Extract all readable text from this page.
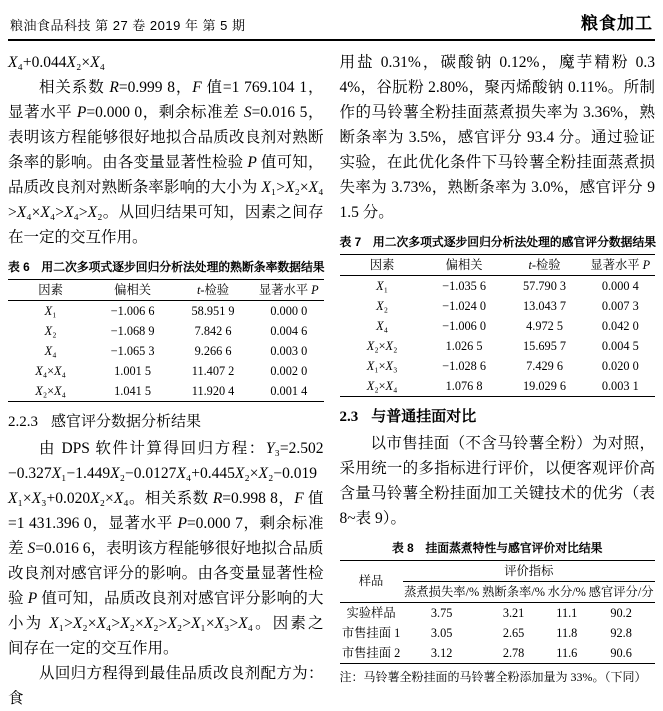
粮油食品科技 第 27 卷 2019 年 第 5 期	粮食加工

X₄+0.044X₂×X₄

相关系数 R=0.999 8，F 值=1 769.104 1，显著水平 P=0.000 0，剩余标准差 S=0.016 5，表明该方程能够很好地拟合品质改良剂对熟断条率的影响。由各变量显著性检验 P 值可知，品质改良剂对熟断条率影响的大小为 X₁>X₂×X₄>X₄×X₄>X₄>X₂。从回归结果可知，因素之间存在一定的交互作用。

表 6　用二次多项式逐步回归分析法处理的熟断条率数据结果
因素	偏相关	t-检验	显著水平 P
X₁	−1.006 6	58.951 9	0.000 0
X₂	−1.068 9	7.842 6	0.004 6
X₄	−1.065 3	9.266 6	0.003 0
X₄×X₄	1.001 5	11.407 2	0.002 0
X₂×X₄	1.041 5	11.920 4	0.001 4
2.2.3 感官评分数据分析结果

由 DPS 软件计算得回归方程：Y₃=2.502−0.327X₁−1.449X₂−0.0127X₄+0.445X₂×X₂−0.019X₁×X₃+0.020X₂×X₄。相关系数 R=0.998 8，F 值=1 431.396 0，显著水平 P=0.000 7，剩余标准差 S=0.016 6，表明该方程能够很好地拟合品质改良剂对感官评分的影响。由各变量显著性检验 P 值可知，品质改良剂对感官评分影响的大小为 X₁>X₂×X₄>X₂×X₂>X₂>X₁×X₃>X₄。因素之间存在一定的交互作用。

从回归方程得到最佳品质改良剂配方为：食

用盐 0.31%，碳酸钠 0.12%，魔芋精粉 0.34%，谷朊粉 2.80%，聚丙烯酸钠 0.11%。所制作的马铃薯全粉挂面蒸煮损失率为 3.36%，熟断条率为 3.5%，感官评分 93.4 分。通过验证实验，在此优化条件下马铃薯全粉挂面蒸煮损失率为 3.73%，熟断条率为 3.0%，感官评分 91.5 分。

表 7　用二次多项式逐步回归分析法处理的感官评分数据结果
因素	偏相关	t-检验	显著水平 P
X₁	−1.035 6	57.790 3	0.000 4
X₂	−1.024 0	13.043 7	0.007 3
X₄	−1.006 0	4.972 5	0.042 0
X₂×X₂	1.026 5	15.695 7	0.004 5
X₁×X₃	−1.028 6	7.429 6	0.020 0
X₂×X₄	1.076 8	19.029 6	0.003 1
2.3 与普通挂面对比

以市售挂面（不含马铃薯全粉）为对照，采用统一的多指标进行评价，以便客观评价高含量马铃薯全粉挂面加工关键技术的优劣（表 8~表 9）。

表 8　挂面蒸煮特性与感官评价对比结果
样品	评价指标			
	蒸煮损失率/%	熟断条率/%	水分/%	感官评分/分
实验样品	3.75	3.21	11.1	90.2
市售挂面 1	3.05	2.65	11.8	92.8
市售挂面 2	3.12	2.78	11.6	90.6
注：马铃薯全粉挂面的马铃薯全粉添加量为 33%。（下同）
